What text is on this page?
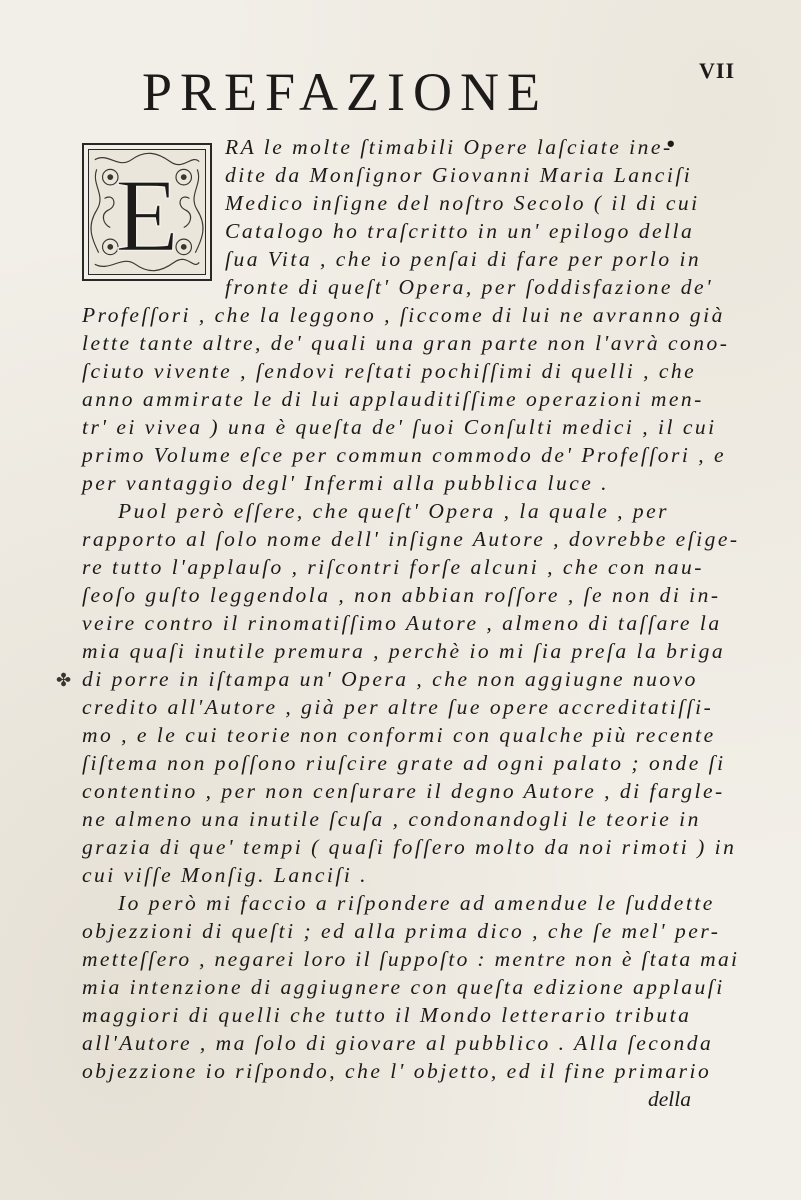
VII
PREFAZIONE
.
E

RA le molte ſtimabili Opere laſciate ine-

dite da Monſignor Giovanni Maria Lanciſi

Medico inſigne del noſtro Secolo ( il di cui

Catalogo ho traſcritto in un' epilogo della

ſua Vita , che io penſai di fare per porlo in

fronte di queſt' Opera, per ſoddisfazione de'

Profeſſori , che la leggono , ſiccome di lui ne avranno già

lette tante altre, de' quali una gran parte non l'avrà cono-

ſciuto vivente , ſendovi reſtati pochiſſimi di quelli , che

anno ammirate le di lui applauditiſſime operazioni men-

tr' ei vivea ) una è queſta de' ſuoi Conſulti medici , il cui

primo Volume eſce per commun commodo de' Profeſſori , e

per vantaggio degl' Infermi alla pubblica luce .

Puol però eſſere, che queſt' Opera , la quale , per

rapporto al ſolo nome dell' inſigne Autore , dovrebbe eſige-

re tutto l'applauſo , riſcontri forſe alcuni , che con nau-

ſeoſo guſto leggendola , non abbian roſſore , ſe non di in-

veire contro il rinomatiſſimo Autore , almeno di taſſare la

mia quaſi inutile premura , perchè io mi ſia preſa la briga

di porre in iſtampa un' Opera , che non aggiugne nuovo

credito all'Autore , già per altre ſue opere accreditatiſſi-

mo , e le cui teorie non conformi con qualche più recente

ſiſtema non poſſono riuſcire grate ad ogni palato ; onde ſi

contentino , per non cenſurare il degno Autore , di fargle-

ne almeno una inutile ſcuſa , condonandogli le teorie in

grazia di que' tempi ( quaſi foſſero molto da noi rimoti ) in

cui viſſe Monſig. Lanciſi .

Io però mi faccio a riſpondere ad amendue le ſuddette

objezzioni di queſti ; ed alla prima dico , che ſe mel' per-

metteſſero , negarei loro il ſuppoſto : mentre non è ſtata mai

mia intenzione di aggiugnere con queſta edizione applauſi

maggiori di quelli che tutto il Mondo letterario tributa

all'Autore , ma ſolo di giovare al pubblico . Alla ſeconda

objezzione io riſpondo, che l' objetto, ed il fine primario

della

✤
